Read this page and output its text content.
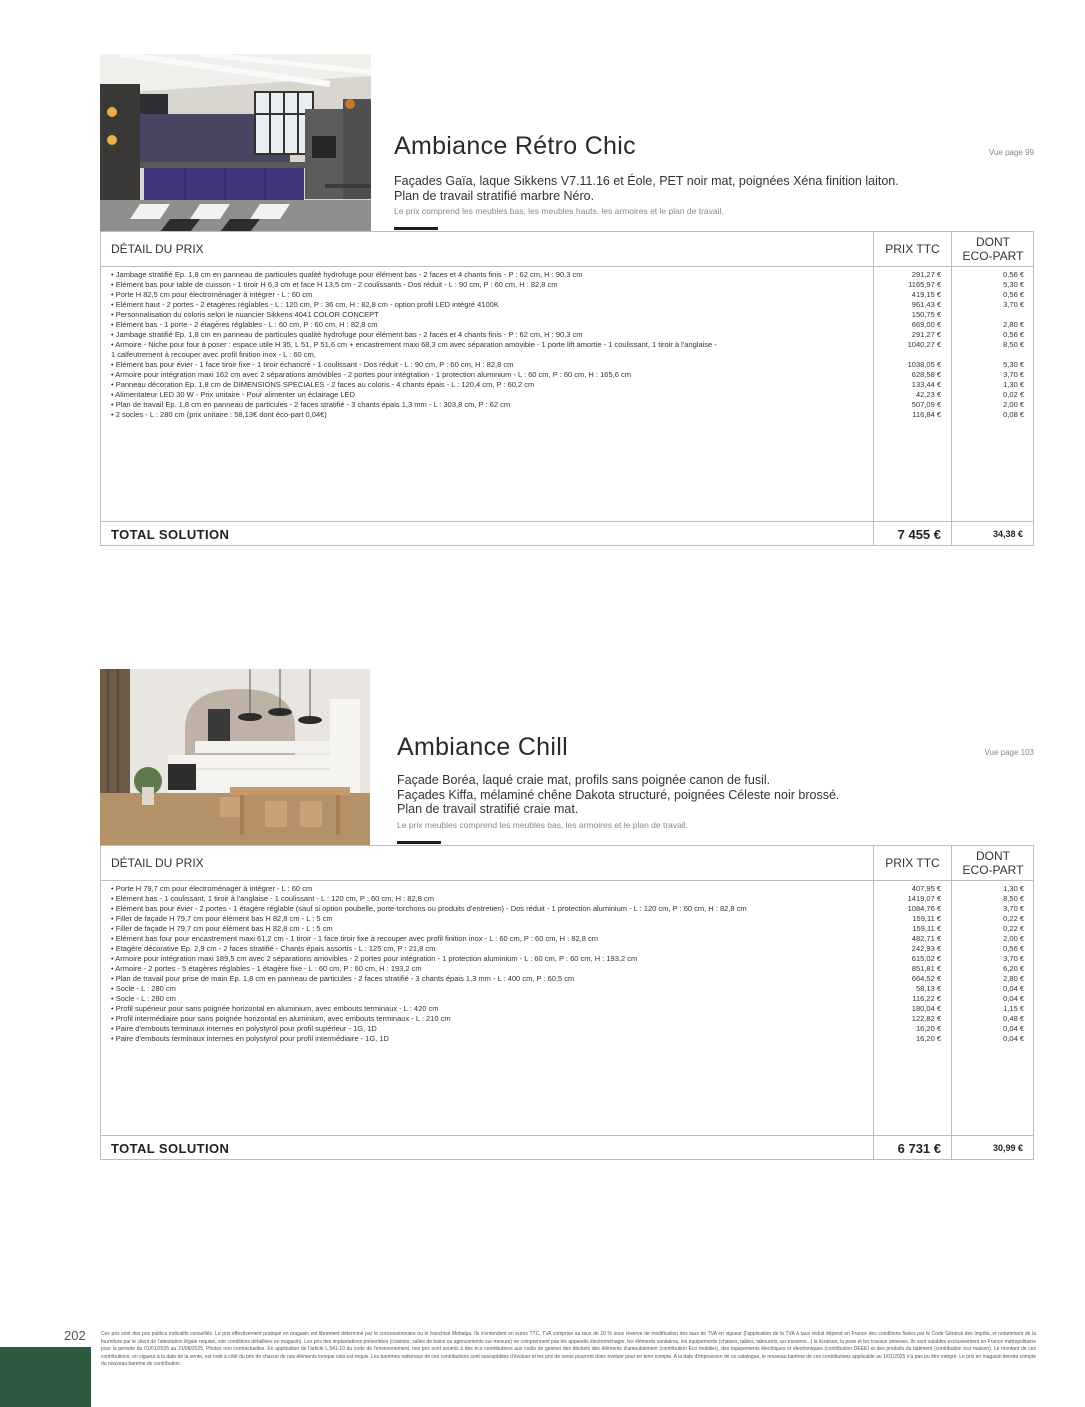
Ambiance Rétro Chic	Vue page 99
Façades Gaïa, laque Sikkens V7.11.16 et Éole, PET noir mat, poignées Xéna finition laiton.
Plan de travail stratifié marbre Néro.
Le prix comprend les meubles bas, les meubles hauts, les armoires et le plan de travail.
DÉTAIL DU PRIX	PRIX TTC	DONT
ECO-PART
• Jambage stratifié Ep. 1,8 cm en panneau de particules qualité hydrofuge pour élément bas - 2 faces et 4 chants finis - P : 62 cm, H : 90,3 cm	291,27 €	0,56 €
• Elément bas pour table de cuisson - 1 tiroir H 6,3 cm et face H 13,5 cm - 2 coulissants - Dos réduit - L : 90 cm, P : 60 cm, H : 82,8 cm	1165,97 €	5,30 €
• Porte H 82,5 cm pour électroménager à intégrer - L : 60 cm	419,15 €	0,56 €
• Elément haut - 2 portes - 2 étagères réglables - L : 120 cm, P : 36 cm, H : 82,8 cm - option profil LED intégré 4100K	961,43 €	3,70 €
• Personnalisation du coloris selon le nuancier Sikkens 4041 COLOR CONCEPT	150,75 €
• Elément bas - 1 porte - 2 étagères réglables - L : 60 cm, P : 60 cm, H : 82,8 cm	669,00 €	2,80 €
• Jambage stratifié Ep. 1,8 cm en panneau de particules qualité hydrofuge pour élément bas - 2 faces et 4 chants finis - P : 62 cm, H : 90,3 cm	291,27 €	0,56 €
• Armoire - Niche pour four à poser : espace utile H 35, L 51, P 51,6 cm + encastrement maxi 68,3 cm avec séparation amovible - 1 porte lift amortie - 1 coulissant, 1 tiroir à l'anglaise -	1040,27 €	8,50 €
1 calfeutrement à recouper avec profil finition inox - L : 60 cm,
• Elément bas pour évier - 1 face tiroir fixe - 1 tiroir échancré - 1 coulissant - Dos réduit - L : 90 cm, P : 60 cm, H : 82,8 cm	1038,05 €	5,30 €
• Armoire pour intégration maxi 162 cm avec 2 séparations amovibles - 2 portes pour intégration - 1 protection aluminium - L : 60 cm, P : 60 cm, H : 165,6 cm	628,58 €	3,70 €
• Panneau décoration Ep. 1,8 cm de DIMENSIONS SPECIALES - 2 faces au coloris - 4 chants épais - L : 120,4 cm, P : 60,2 cm	133,44 €	1,30 €
• Alimentateur LED 30 W - Prix unitaire - Pour alimenter un éclairage LED	42,23 €	0,02 €
• Plan de travail Ep. 1,8 cm en panneau de particules - 2 faces stratifié - 3 chants épais 1,3 mm - L : 303,8 cm, P : 62 cm	507,09 €	2,00 €
• 2 socles - L : 280 cm (prix unitaire : 58,13€ dont éco-part 0,04€)	116,84 €	0,08 €
TOTAL SOLUTION	7 455 €	34,38 €
Ambiance Chill	Vue page 103
Façade Boréa, laqué craie mat, profils sans poignée canon de fusil.
Façades Kiffa, mélaminé chêne Dakota structuré, poignées Céleste noir brossé.
Plan de travail stratifié craie mat.
Le prix meubles comprend les meubles bas, les armoires et le plan de travail.
DÉTAIL DU PRIX	PRIX TTC	DONT
ECO-PART
• Porte H 79,7 cm pour électroménager à intégrer - L : 60 cm	407,95 €	1,30 €
• Elément bas - 1 coulissant, 1 tiroir à l'anglaise - 1 coulissant - L : 120 cm, P : 60 cm, H : 82,8 cm	1419,07 €	8,50 €
• Elément bas pour évier - 2 portes - 1 étagère réglable (sauf si option poubelle, porte-torchons ou produits d'entretien) - Dos réduit - 1 protection aluminium - L : 120 cm, P : 60 cm, H : 82,8 cm	1084,76 €	3,70 €
• Filler de façade H 79,7 cm pour élément bas H 82,8 cm - L : 5 cm	159,11 €	0,22 €
• Filler de façade H 79,7 cm pour élément bas H 82,8 cm - L : 5 cm	159,11 €	0,22 €
• Elément bas four pour encastrement maxi 61,2 cm - 1 tiroir - 1 face tiroir fixe à recouper avec profil finition inox - L : 60 cm, P : 60 cm, H : 82,8 cm	482,71 €	2,00 €
• Etagère décorative Ep. 2,9 cm - 2 faces stratifié - Chants épais assortis - L : 125 cm, P : 21,8 cm	242,93 €	0,56 €
• Armoire pour intégration maxi 189,5 cm avec 2 séparations amovibles - 2 portes pour intégration - 1 protection aluminium - L : 60 cm, P : 60 cm, H : 193,2 cm	615,02 €	3,70 €
• Armoire - 2 portes - 5 étagères réglables - 1 étagère fixe - L : 60 cm, P : 60 cm, H : 193,2 cm	851,81 €	6,20 €
• Plan de travail pour prise de main Ep. 1,8 cm en panneau de particules - 2 faces stratifié - 3 chants épais 1,3 mm - L : 400 cm, P : 60,5 cm	664,52 €	2,80 €
• Socle - L : 280 cm	58,13 €	0,04 €
• Socle - L : 280 cm	116,22 €	0,04 €
• Profil supérieur pour sans poignée horizontal en aluminium, avec embouts terminaux - L : 420 cm	180,04 €	1,15 €
• Profil intermédiaire pour sans poignée horizontal en aluminium, avec embouts terminaux - L : 210 cm	122,82 €	0,48 €
• Paire d'embouts terminaux internes en polystyrol pour profil supérieur - 1G, 1D	16,20 €	0,04 €
• Paire d'embouts terminaux internes en polystyrol pour profil intermédiaire - 1G, 1D	16,20 €	0,04 €
TOTAL SOLUTION	6 731 €	30,99 €
202	Ces prix sont des prix publics indicatifs conseillés. Le prix effectivement pratiqué en magasin est librement déterminé par le concessionnaire ou le franchisé Mobalpa. Ils s'entendent en euros TTC, TVA comprise au taux de 20 % sous réserve de modification des taux de TVA en vigueur (l'application de la TVA à taux réduit dépend en France des conditions fixées par le Code Général des Impôts, et notamment de la fourniture par le client de l'attestation légale requise, voir conditions détaillées en magasin). Les prix des implantations présentées (cuisines, salles de bains ou agencements sur-mesure) ne comprennent pas les appareils électroménager, les éléments sanitaires, les équipements (chaises, tables, tabourets, accessoires...) la livraison, la pose et les travaux annexes. Ils sont valables exclusivement en France métropolitaine pour la période du 01/01/2025 au 31/08/2025. Photos non contractuelles. En application de l'article L.541-10 du code de l'environnement, nos prix sont soumis à des éco contributions aux coûts de gestion des déchets des éléments d'ameublement (contribution Eco mobilier), des équipements électriques et électroniques (contribution DEEE) et des produits du bâtiment (contribution éco maison). Le montant de ces contributions, en vigueur à la date de la vente, est noté à côté du prix de chacun de nos éléments lorsque cela est requis. Les barèmes nationaux de ces contributions sont susceptibles d'évoluer et les prix de vente pourront donc évoluer pour en tenir compte. A la date d'impression de ce catalogue, le nouveau barème de ces contributions applicable au 1/01/2025 n'a pas pu être intégré. Le prix en magasin tiendra compte du nouveau barème de contribution.
